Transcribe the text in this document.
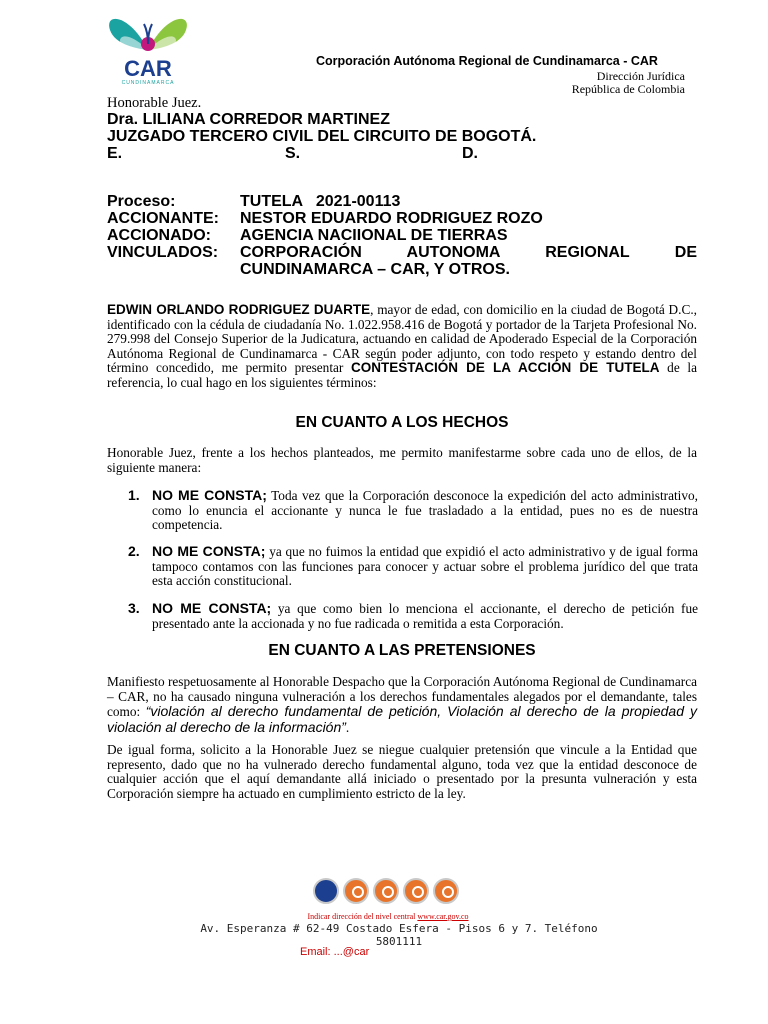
CAR
CUNDINAMARCA
Corporación Autónoma Regional de Cundinamarca - CAR
Dirección Jurídica
República de Colombia
Honorable Juez.
Dra. LILIANA CORREDOR MARTINEZ
JUZGADO TERCERO CIVIL DEL CIRCUITO DE BOGOTÁ.
E.	S.	D.
Proceso:	TUTELA   2021-00113
ACCIONANTE:	NESTOR EDUARDO RODRIGUEZ ROZO
ACCIONADO:	AGENCIA NACIIONAL DE TIERRAS
VINCULADOS:	CORPORACIÓN AUTONOMA REGIONAL DE
	CUNDINAMARCA – CAR, Y OTROS.
EDWIN ORLANDO RODRIGUEZ DUARTE, mayor de edad, con domicilio en la ciudad de Bogotá D.C., identificado con la cédula de ciudadanía No. 1.022.958.416 de Bogotá y portador de la Tarjeta Profesional No. 279.998 del Consejo Superior de la Judicatura, actuando en calidad de Apoderado Especial de la Corporación Autónoma Regional de Cundinamarca - CAR según poder adjunto, con todo respeto y estando dentro del término concedido, me permito presentar CONTESTACIÓN DE LA ACCIÓN DE TUTELA de la referencia, lo cual hago en los siguientes términos:
EN CUANTO A LOS HECHOS
Honorable Juez, frente a los hechos planteados, me permito manifestarme sobre cada uno de ellos, de la siguiente manera:
1. NO ME CONSTA; Toda vez que la Corporación desconoce la expedición del acto administrativo, como lo enuncia el accionante y nunca le fue trasladado a la entidad, pues no es de nuestra competencia.
2. NO ME CONSTA; ya que no fuimos la entidad que expidió el acto administrativo y de igual forma tampoco contamos con las funciones para conocer y actuar sobre el problema jurídico del que trata esta acción constitucional.
3. NO ME CONSTA; ya que como bien lo menciona el accionante, el derecho de petición fue presentado ante la accionada y no fue radicada o remitida a esta Corporación.
EN CUANTO A LAS PRETENSIONES
Manifiesto respetuosamente al Honorable Despacho que la Corporación Autónoma Regional de Cundinamarca – CAR, no ha causado ninguna vulneración a los derechos fundamentales alegados por el demandante, tales como: “violación al derecho fundamental de petición, Violación al derecho de la propiedad y violación al derecho de la información”.
De igual forma, solicito a la Honorable Juez se niegue cualquier pretensión que vincule a la Entidad que represento, dado que no ha vulnerado derecho fundamental alguno, toda vez que la entidad desconoce de cualquier acción que el aquí demandante allá iniciado o presentado por la presunta vulneración y esta Corporación siempre ha actuado en cumplimiento estricto de la ley.
Indicar dirección del nivel central www.car.gov.co
Av. Esperanza # 62-49 Costado Esfera - Pisos 6 y 7. Teléfono
5801111
Email: ...@car
